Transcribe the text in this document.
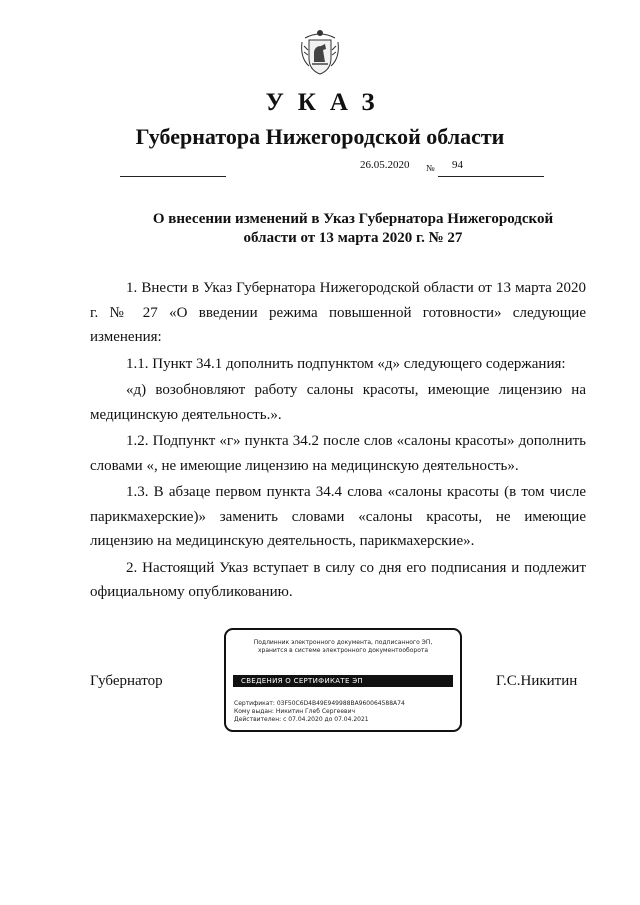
УКАЗ
Губернатора Нижегородской области
26.05.2020 № 94
О внесении изменений в Указ Губернатора Нижегородской
области от 13 марта 2020 г. № 27

1. Внести в Указ Губернатора Нижегородской области от 13 марта 2020 г. № 27 «О введении режима повышенной готовности» следующие изменения:

1.1. Пункт 34.1 дополнить подпунктом «д» следующего содержания:

«д) возобновляют работу салоны красоты, имеющие лицензию на медицинскую деятельность.».

1.2. Подпункт «г» пункта 34.2 после слов «салоны красоты» дополнить словами «, не имеющие лицензию на медицинскую деятельность».

1.3. В абзаце первом пункта 34.4 слова «салоны красоты (в том числе парикмахерские)» заменить словами «салоны красоты, не имеющие лицензию на медицинскую деятельность, парикмахерские».

2. Настоящий Указ вступает в силу со дня его подписания и подлежит официальному опубликованию.

Губернатор	Г.С.Никитин
Подлинник электронного документа, подписанного ЭП,
хранится в системе электронного документооборота
СВЕДЕНИЯ О СЕРТИФИКАТЕ ЭП
Сертификат: 03F50C6D4B49E949988BA960064588A74
Кому выдан: Никитин Глеб Сергеевич
Действителен: с 07.04.2020 до 07.04.2021
